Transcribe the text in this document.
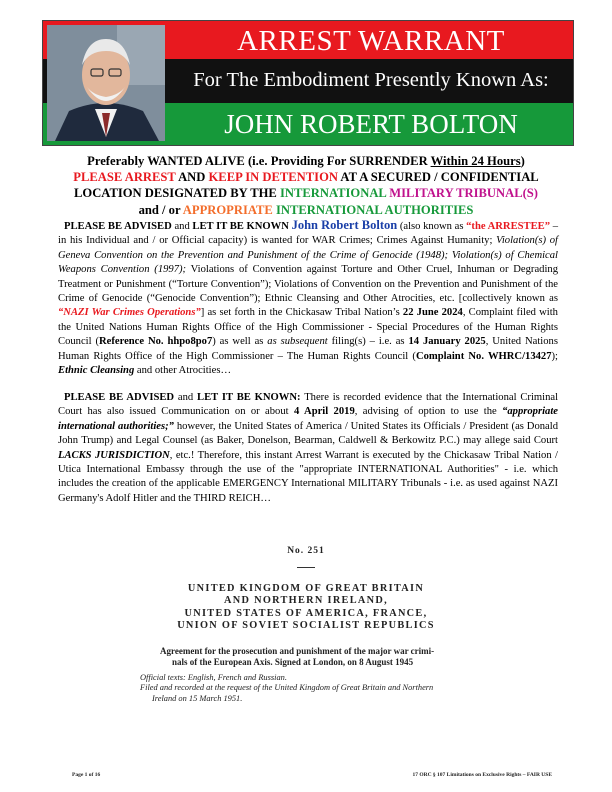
ARREST WARRANT
For The Embodiment Presently Known As:
JOHN ROBERT BOLTON
Preferably WANTED ALIVE (i.e. Providing For SURRENDER Within 24 Hours)
PLEASE ARREST AND KEEP IN DETENTION AT A SECURED / CONFIDENTIAL
LOCATION DESIGNATED BY THE INTERNATIONAL MILITARY TRIBUNAL(S)
and / or APPROPRIATE INTERNATIONAL AUTHORITIES
PLEASE BE ADVISED and LET IT BE KNOWN John Robert Bolton (also known as “the ARRESTEE” – in his Individual and / or Official capacity) is wanted for WAR Crimes; Crimes Against Humanity; Violation(s) of Geneva Convention on the Prevention and Punishment of the Crime of Genocide (1948); Violation(s) of Chemical Weapons Convention (1997); Violations of Convention against Torture and Other Cruel, Inhuman or Degrading Treatment or Punishment (“Torture Convention”); Violations of Convention on the Prevention and Punishment of the Crime of Genocide (“Genocide Convention”); Ethnic Cleansing and Other Atrocities, etc. [collectively known as “NAZI War Crimes Operations”] as set forth in the Chickasaw Tribal Nation’s 22 June 2024, Complaint filed with the United Nations Human Rights Office of the High Commissioner - Special Procedures of the Human Rights Council (Reference No. hhpo8po7) as well as as subsequent filing(s) – i.e. as 14 January 2025, United Nations Human Rights Office of the High Commissioner – The Human Rights Council (Complaint No. WHRC/13427); Ethnic Cleansing and other Atrocities…
PLEASE BE ADVISED and LET IT BE KNOWN: There is recorded evidence that the International Criminal Court has also issued Communication on or about 4 April 2019, advising of option to use the “appropriate international authorities;” however, the United States of America / United States its Officials / President (as Donald John Trump) and Legal Counsel (as Baker, Donelson, Bearman, Caldwell & Berkowitz P.C.) may allege said Court LACKS JURISDICTION, etc.! Therefore, this instant Arrest Warrant is executed by the Chickasaw Tribal Nation / Utica International Embassy through the use of the "appropriate INTERNATIONAL Authorities" - i.e. which includes the creation of the applicable EMERGENCY International MILITARY Tribunals - i.e. as used against NAZI Germany's Adolf Hitler and the THIRD REICH…
No. 251
UNITED KINGDOM OF GREAT BRITAIN
AND NORTHERN IRELAND,
UNITED STATES OF AMERICA, FRANCE,
UNION OF SOVIET SOCIALIST REPUBLICS
Agreement for the prosecution and punishment of the major war crimi-
nals of the European Axis. Signed at London, on 8 August 1945
Official texts: English, French and Russian.
Filed and recorded at the request of the United Kingdom of Great Britain and Northern
Ireland on 15 March 1951.
Page 1 of 16	17 ORC § 107 Limitations on Exclusive Rights – FAIR USE
